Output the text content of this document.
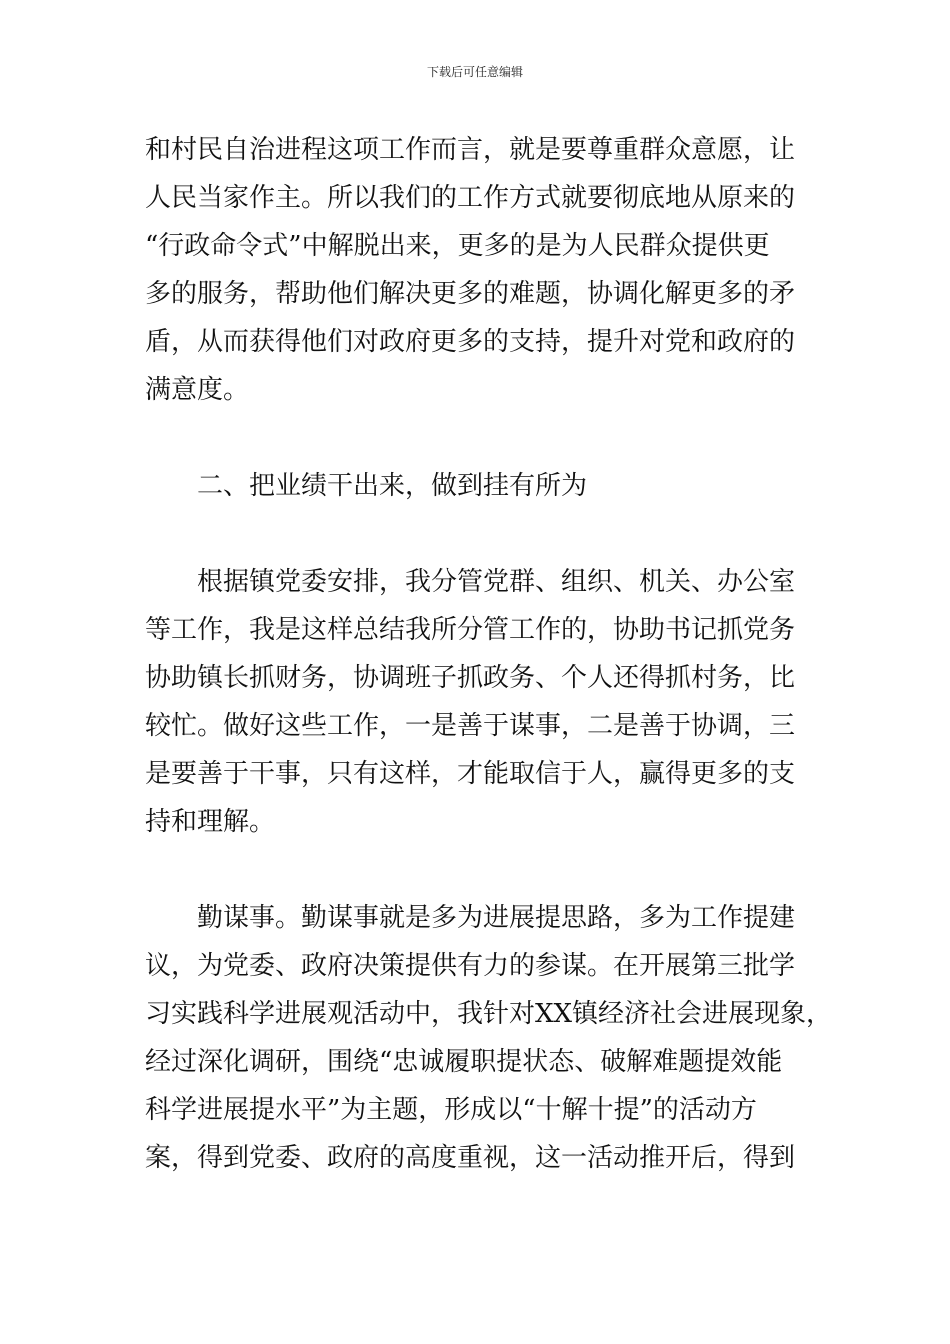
下载后可任意编辑
和村民自治进程这项工作而言，就是要尊重群众意愿，让
人民当家作主。所以我们的工作方式就要彻底地从原来的
“行政命令式”中解脱出来，更多的是为人民群众提供更
多的服务，帮助他们解决更多的难题，协调化解更多的矛
盾，从而获得他们对政府更多的支持，提升对党和政府的
满意度。
二、把业绩干出来，做到挂有所为
根据镇党委安排，我分管党群、组织、机关、办公室
等工作，我是这样总结我所分管工作的，协助书记抓党务
协助镇长抓财务，协调班子抓政务、个人还得抓村务，比
较忙。做好这些工作，一是善于谋事，二是善于协调，三
是要善于干事，只有这样，才能取信于人，赢得更多的支
持和理解。
勤谋事。勤谋事就是多为进展提思路，多为工作提建
议，为党委、政府决策提供有力的参谋。在开展第三批学
习实践科学进展观活动中，我针对XX镇经济社会进展现象，
经过深化调研，围绕“忠诚履职提状态、破解难题提效能
科学进展提水平”为主题，形成以“十解十提”的活动方
案，得到党委、政府的高度重视，这一活动推开后，得到
